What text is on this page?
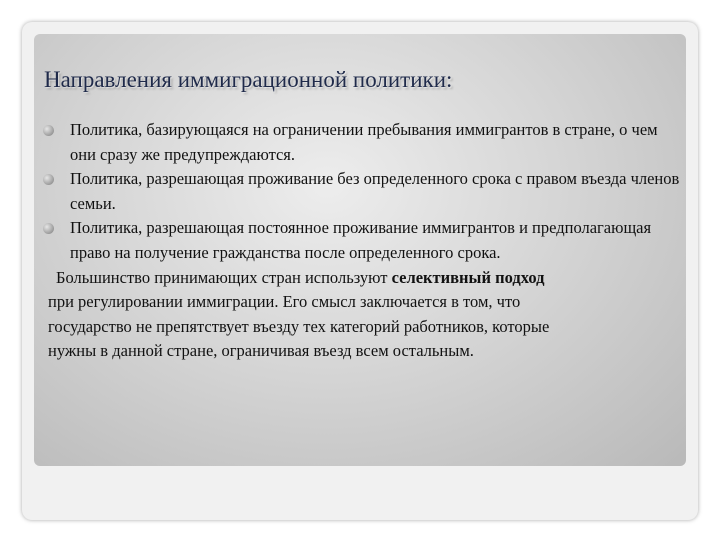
Направления иммиграционной политики:
Политика, базирующаяся на ограничении пребывания иммигрантов в стране, о чем они сразу же предупреждаются.
Политика, разрешающая проживание без определенного срока с правом въезда членов семьи.
Политика, разрешающая постоянное проживание иммигрантов и предполагающая право на получение гражданства после определенного срока.
Большинство принимающих стран используют селективный подход
при регулировании иммиграции. Его смысл заключается в том, что
государство не препятствует въезду тех категорий работников, которые
нужны в данной стране, ограничивая въезд всем остальным.
